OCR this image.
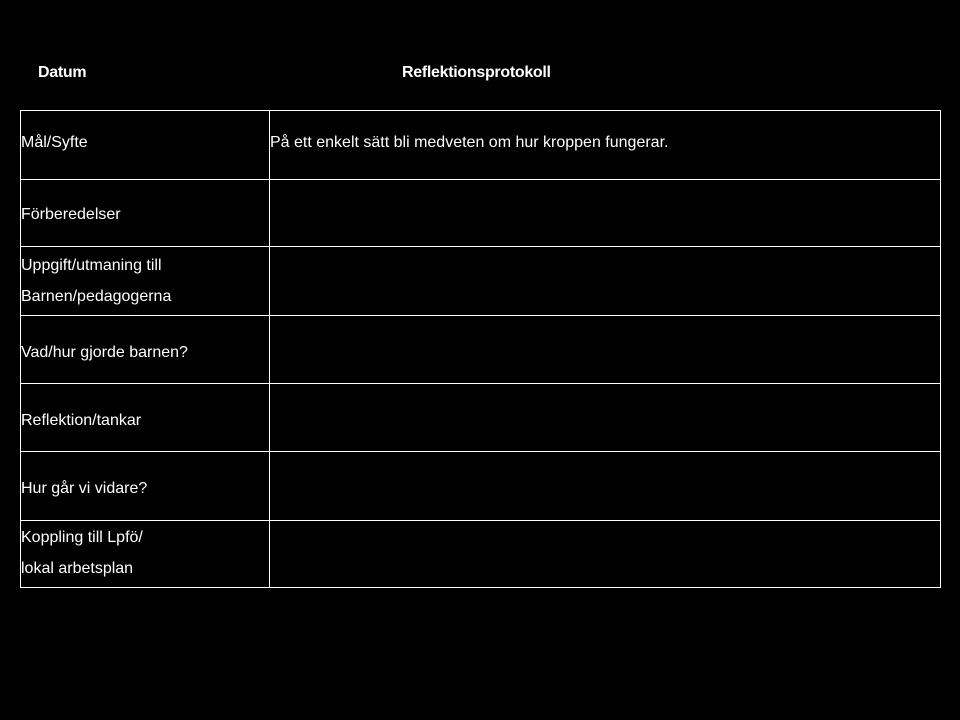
Datum	Reflektionsprotokoll
Mål/Syfte	På ett enkelt sätt bli medveten om hur kroppen fungerar.

Förberedelser	

Uppgift/utmaning till
Barnen/pedagogerna	

Vad/hur gjorde barnen?	

Reflektion/tankar	

Hur går vi vidare?	

Koppling till Lpfö/
lokal arbetsplan	
